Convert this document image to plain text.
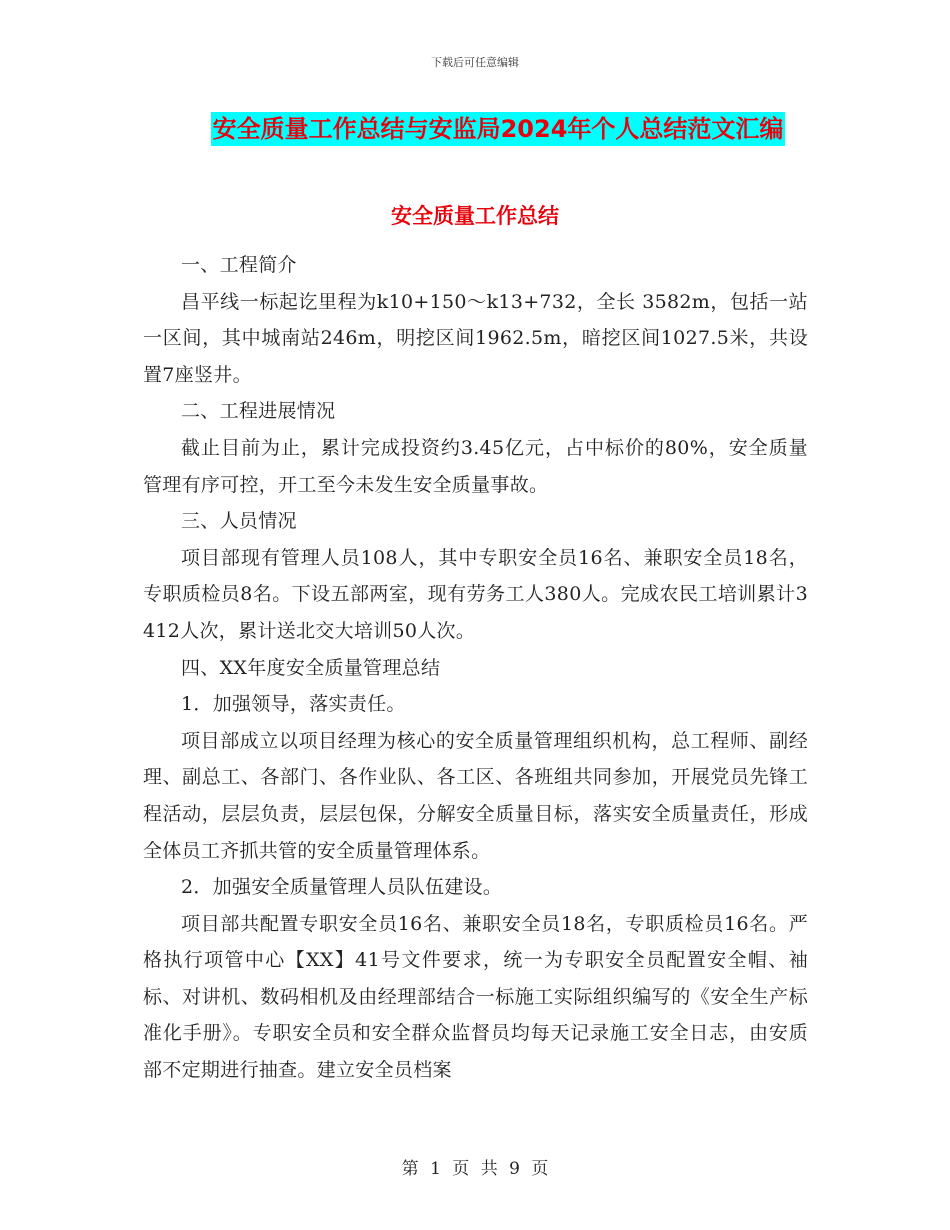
下载后可任意编辑
安全质量工作总结与安监局2024年个人总结范文汇编
安全质量工作总结

一、工程简介

昌平线一标起讫里程为k10+150～k13+732，全长 3582m，包括一站一区间，其中城南站246m，明挖区间1962.5m，暗挖区间1027.5米，共设置7座竖井。

二、工程进展情况

截止目前为止，累计完成投资约3.45亿元，占中标价的80%，安全质量管理有序可控，开工至今未发生安全质量事故。

三、人员情况

项目部现有管理人员108人，其中专职安全员16名、兼职安全员18名，专职质检员8名。下设五部两室，现有劳务工人380人。完成农民工培训累计3412人次，累计送北交大培训50人次。

四、XX年度安全质量管理总结

1．加强领导，落实责任。

项目部成立以项目经理为核心的安全质量管理组织机构，总工程师、副经理、副总工、各部门、各作业队、各工区、各班组共同参加，开展党员先锋工程活动，层层负责，层层包保，分解安全质量目标，落实安全质量责任，形成全体员工齐抓共管的安全质量管理体系。

2．加强安全质量管理人员队伍建设。

项目部共配置专职安全员16名、兼职安全员18名，专职质检员16名。严格执行项管中心【XX】41号文件要求，统一为专职安全员配置安全帽、袖标、对讲机、数码相机及由经理部结合一标施工实际组织编写的《安全生产标准化手册》。专职安全员和安全群众监督员均每天记录施工安全日志，由安质部不定期进行抽查。建立安全员档案

第 1 页 共 9 页
